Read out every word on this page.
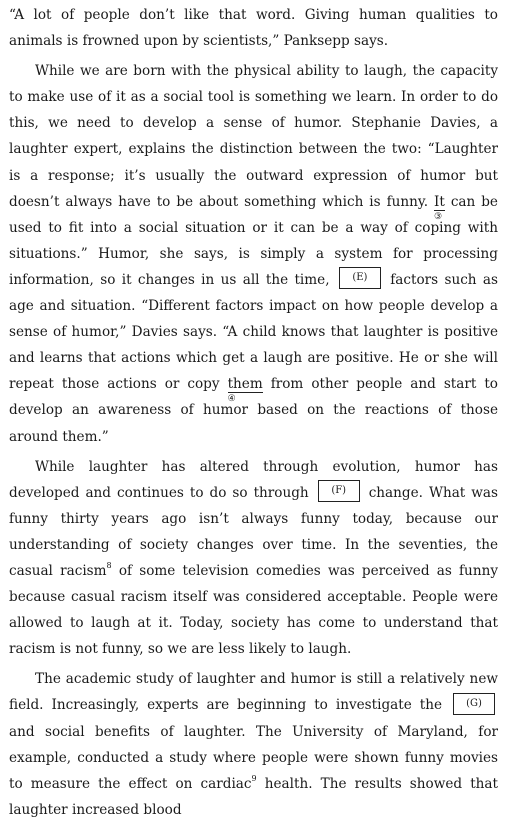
“A lot of people don’t like that word. Giving human qualities to animals is frowned upon by scientists,” Panksepp says.

While we are born with the physical ability to laugh, the capacity to make use of it as a social tool is something we learn. In order to do this, we need to develop a sense of humor. Stephanie Davies, a laughter expert, explains the distinction between the two: “Laughter is a response; it’s usually the outward expression of humor but doesn’t always have to be about something which is funny. It
③
can be used to fit into a social situation or it can be a way of coping with situations.” Humor, she says, is simply a system for processing information, so it changes in us all the time, (E) factors such as age and situation. “Different factors impact on how people develop a sense of humor,” Davies says. “A child knows that laughter is positive and learns that actions which get a laugh are positive. He or she will repeat those actions or copy them
④
from other people and start to develop an awareness of humor based on the reactions of those around them.”

While laughter has altered through evolution, humor has developed and continues to do so through (F) change. What was funny thirty years ago isn’t always funny today, because our understanding of society changes over time. In the seventies, the casual racism$^8$ of some television comedies was perceived as funny because casual racism itself was considered acceptable. People were allowed to laugh at it. Today, society has come to understand that racism is not funny, so we are less likely to laugh.

The academic study of laughter and humor is still a relatively new field. Increasingly, experts are beginning to investigate the (G) and social benefits of laughter. The University of Maryland, for example, conducted a study where people were shown funny movies to measure the effect on cardiac$^9$ health. The results showed that laughter increased blood
